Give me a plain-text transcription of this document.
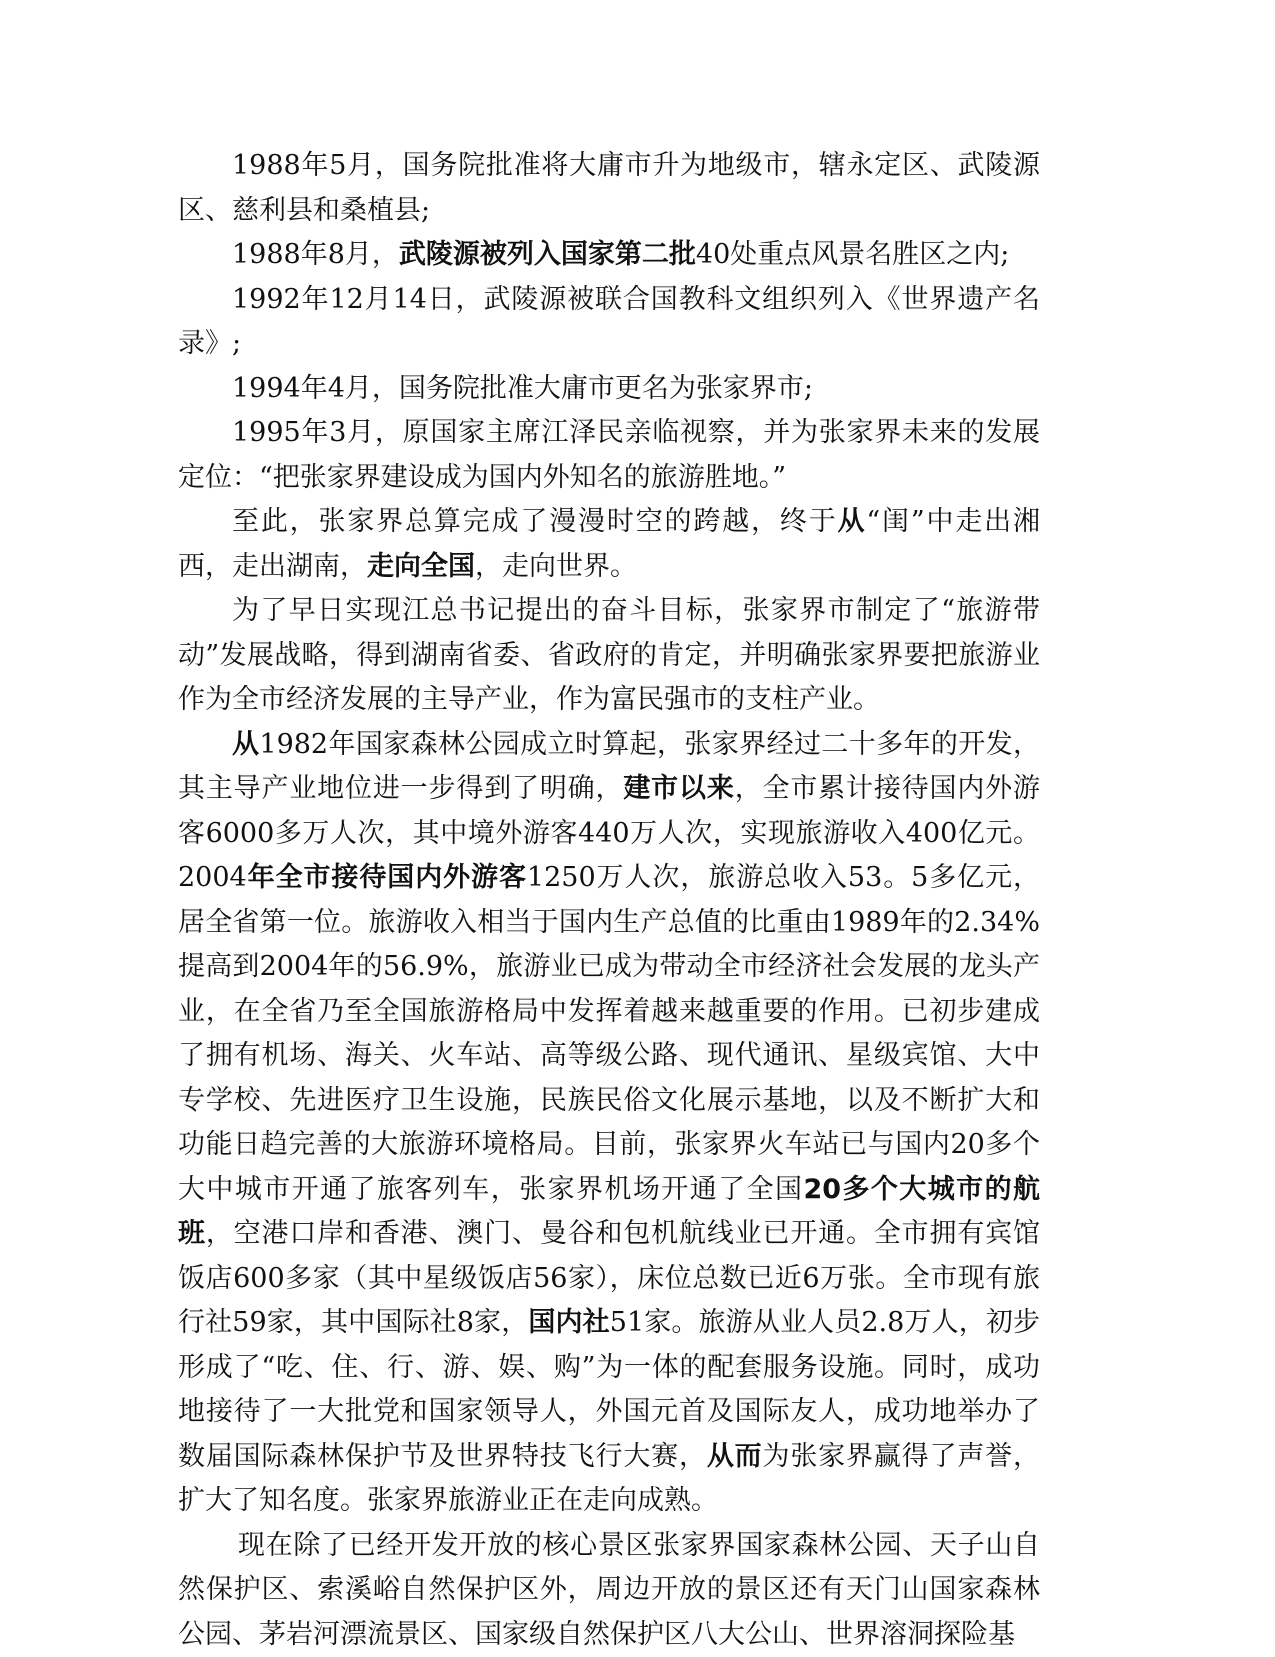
1988年5月，国务院批准将大庸市升为地级市，辖永定区、武陵源区、慈利县和桑植县;

1988年8月，武陵源被列入国家第二批40处重点风景名胜区之内;

1992年12月14日，武陵源被联合国教科文组织列入《世界遗产名录》;

1994年4月，国务院批准大庸市更名为张家界市;

1995年3月，原国家主席江泽民亲临视察，并为张家界未来的发展定位：“把张家界建设成为国内外知名的旅游胜地。”

至此，张家界总算完成了漫漫时空的跨越，终于从“闺”中走出湘西，走出湖南，走向全国，走向世界。

为了早日实现江总书记提出的奋斗目标，张家界市制定了“旅游带动”发展战略，得到湖南省委、省政府的肯定，并明确张家界要把旅游业作为全市经济发展的主导产业，作为富民强市的支柱产业。

从1982年国家森林公园成立时算起，张家界经过二十多年的开发，其主导产业地位进一步得到了明确，建市以来，全市累计接待国内外游客6000多万人次，其中境外游客440万人次，实现旅游收入400亿元。2004年全市接待国内外游客1250万人次，旅游总收入53。5多亿元，居全省第一位。旅游收入相当于国内生产总值的比重由1989年的2.34%提高到2004年的56.9%，旅游业已成为带动全市经济社会发展的龙头产业，在全省乃至全国旅游格局中发挥着越来越重要的作用。已初步建成了拥有机场、海关、火车站、高等级公路、现代通讯、星级宾馆、大中专学校、先进医疗卫生设施，民族民俗文化展示基地，以及不断扩大和功能日趋完善的大旅游环境格局。目前，张家界火车站已与国内20多个大中城市开通了旅客列车，张家界机场开通了全国20多个大城市的航班，空港口岸和香港、澳门、曼谷和包机航线业已开通。全市拥有宾馆饭店600多家（其中星级饭店56家），床位总数已近6万张。全市现有旅行社59家，其中国际社8家，国内社51家。旅游从业人员2.8万人，初步形成了“吃、住、行、游、娱、购”为一体的配套服务设施。同时，成功地接待了一大批党和国家领导人，外国元首及国际友人，成功地举办了数届国际森林保护节及世界特技飞行大赛，从而为张家界赢得了声誉，扩大了知名度。张家界旅游业正在走向成熟。

现在除了已经开发开放的核心景区张家界国家森林公园、天子山自然保护区、索溪峪自然保护区外，周边开放的景区还有天门山国家森林公园、茅岩河漂流景区、国家级自然保护区八大公山、世界溶洞探险基
